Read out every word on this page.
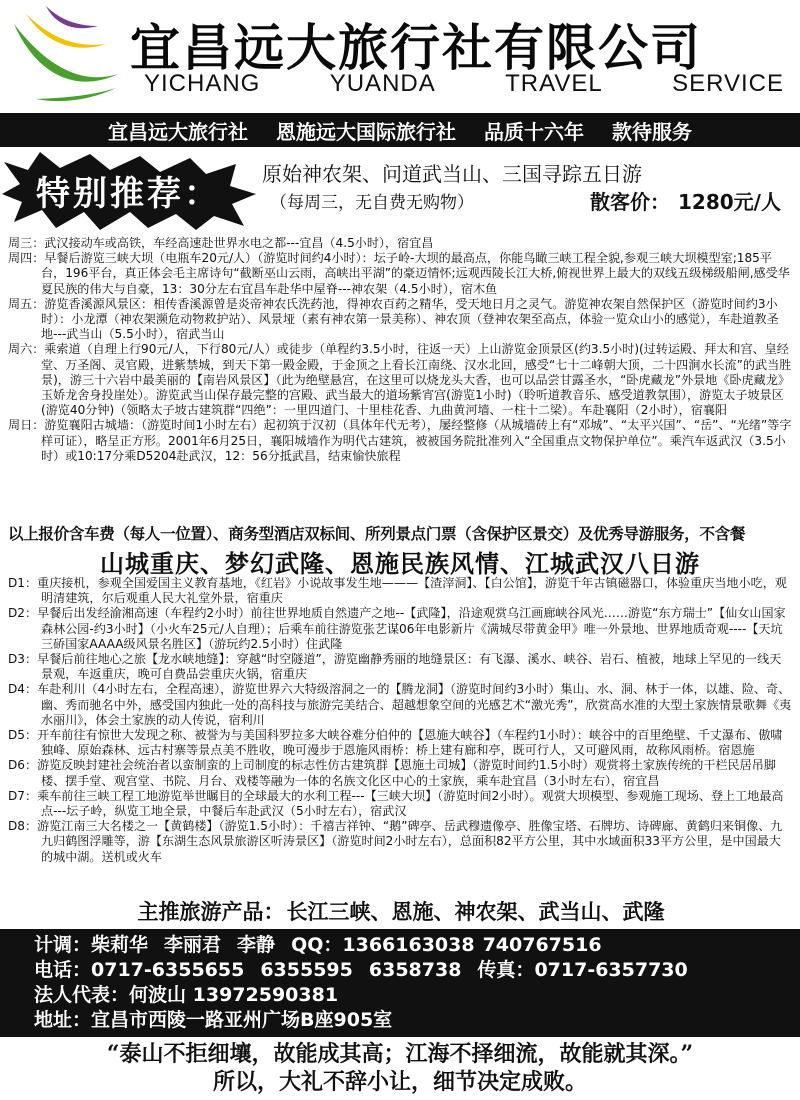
宜昌远大旅行社有限公司
YICHANG	YUANDA	TRAVEL	SERVICE
宜昌远大旅行社 恩施远大国际旅行社 品质十六年 款待服务
特别推荐： 原始神农架、问道武当山、三国寻踪五日游
（每周三，无自费无购物）	散客价： 1280元/人

周三：武汉接动车或高铁，车经高速赴世界水电之都---宜昌（4.5小时），宿宜昌

周四：早餐后游览三峡大坝（电瓶车20元/人）（游览时间约4小时）：坛子岭-大坝的最高点，你能鸟瞰三峡工程全貌,参观三峡大坝模型室;185平台，196平台，真正体会毛主席诗句“截断巫山云雨，高峡出平湖”的豪迈情怀;远观西陵长江大桥,俯视世界上最大的双线五级梯级船闸,感受华夏民族的伟大与自豪，13：30分左右宜昌车赴华中屋脊---神农架（4.5小时），宿木鱼

周五：游览香溪源风景区：相传香溪源曾是炎帝神农氏洗药池，得神农百药之精华，受天地日月之灵气。游览神农架自然保护区（游览时间约3小时）：小龙潭（神农架濒危动物救护站）、风景垭（素有神农第一景美称）、神农顶（登神农架至高点，体验一览众山小的感觉），车赴道教圣地---武当山（5.5小时），宿武当山

周六：乘索道（自理上行90元/人，下行80元/人）或徒步（单程约3.5小时，往返一天）上山游览金顶景区(约3.5小时)(过转运殿、拜太和宫、皇经堂、万圣阁、灵官殿，进紫禁城，到天下第一殿金殿，于金顶之上看长江南绕、汉水北回，感受“七十二峰朝大顶，二十四涧水长流”的武当胜景)，游三十六岩中最美丽的【南岩风景区】（此为绝壁悬宫，在这里可以烧龙头大香，也可以品尝甘露圣水，“卧虎藏龙”外景地《卧虎藏龙》玉娇龙舍身投崖处）。游览武当山保存最完整的宫殿、武当最大的道场紫宵宫(游览1小时)（聆听道教音乐、感受道教氛围），游览太子坡景区(游览40分钟)（领略太子坡古建筑群“四绝”：一里四道门、十里桂花香、九曲黄河墙、一柱十二梁）。车赴襄阳（2小时），宿襄阳

周日：游览襄阳古城墙：（游览时间1小时左右）起初筑于汉初（具体年代无考），屡经整修（从城墙砖上有“邓城”、“太平兴国”、“岳”、“光绪”等字样可证），略呈正方形。2001年6月25日，襄阳城墙作为明代古建筑，被被国务院批准列入“全国重点文物保护单位”。乘汽车返武汉（3.5小时）或10:17分乘D5204赴武汉，12：56分抵武昌，结束愉快旅程

以上报价含车费（每人一位置）、商务型酒店双标间、所列景点门票（含保护区景交）及优秀导游服务，不含餐
山城重庆、梦幻武隆、恩施民族风情、江城武汉八日游

D1：重庆接机，参观全国爱国主义教育基地，《红岩》小说故事发生地———【渣滓洞】、【白公馆】，游览千年古镇磁器口，体验重庆当地小吃，观明清建筑，尔后观重人民大礼堂外景，宿重庆

D2：早餐后出发经渝湘高速（车程约2小时）前往世界地质自然遗产之地--【武隆】，沿途观赏乌江画廊峡谷风光……游览“东方瑞士”【仙女山国家森林公园-约3小时】（小火车25元/人自理）；后乘车前往游览张艺谋06年电影新片《满城尽带黄金甲》唯一外景地、世界地质奇观----【天坑三硚国家AAAA级风景名胜区】（游玩约2.5小时）住武隆

D3：早餐后前往地心之旅【龙水峡地缝】：穿越“时空隧道”，游览幽静秀丽的地缝景区：有飞瀑、溪水、峡谷、岩石、植被，地球上罕见的一线天景观，车返重庆，晚可自费品尝重庆火锅，宿重庆

D4：车赴利川（4小时左右，全程高速），游览世界六大特级溶洞之一的【腾龙洞】（游览时间约3小时）集山、水、洞、林于一体，以雄、险、奇、幽、秀而驰名中外，感受国内独此一处的高科技与旅游完美结合、超越想象空间的光感艺术“激光秀”，欣赏高水准的大型土家族情景歌舞《夷水丽川》，体会土家族的动人传说，宿利川

D5：开车前往有惊世大发现之称、被誉为与美国科罗拉多大峡谷难分伯仲的【恩施大峡谷】（车程约1小时）：峡谷中的百里绝壁、千丈瀑布、傲啸独峰、原始森林、远古村寨等景点美不胜收，晚可漫步于恩施风雨桥：桥上建有廊和亭，既可行人，又可避风雨，故称风雨桥。宿恩施

D6：游览反映封建社会统治者以蛮制蛮的上司制度的标志性仿古建筑群【恩施土司城】（游览时间约1.5小时）观赏将土家族传统的干栏民居吊脚楼、摆手堂、观宫堂、书院、月台、戏楼等融为一体的名族文化区中心的土家族，乘车赴宜昌（3小时左右），宿宜昌

D7：乘车前往三峡工程工地游览举世瞩目的全球最大的水利工程---【三峡大坝】（游览时间2小时）。观赏大坝模型、参观施工现场、登上工地最高点---坛子岭，纵览工地全景，中餐后车赴武汉（5小时左右），宿武汉

D8：游览江南三大名楼之一【黄鹤楼】（游览1.5小时）：千禧吉祥钟、“鹅”碑亭、岳武穆遗像亭、胜像宝塔、石牌坊、诗碑廊、黄鹤归来铜像、九九归鹤图浮雕等，游【东湖生态风景旅游区听涛景区】（游览时间2小时左右），总面积82平方公里，其中水域面积33平方公里，是中国最大的城中湖。送机或火车

主推旅游产品：长江三峡、恩施、神农架、武当山、武隆
计调：柴莉华 李丽君 李静 QQ：1366163038 740767516
电话：0717-6355655 6355595 6358738 传真：0717-6357730
法人代表：何波山 13972590381
地址：宜昌市西陵一路亚州广场B座905室
“泰山不拒细壤，故能成其高；江海不择细流，故能就其深。”
所以，大礼不辞小让，细节决定成败。
